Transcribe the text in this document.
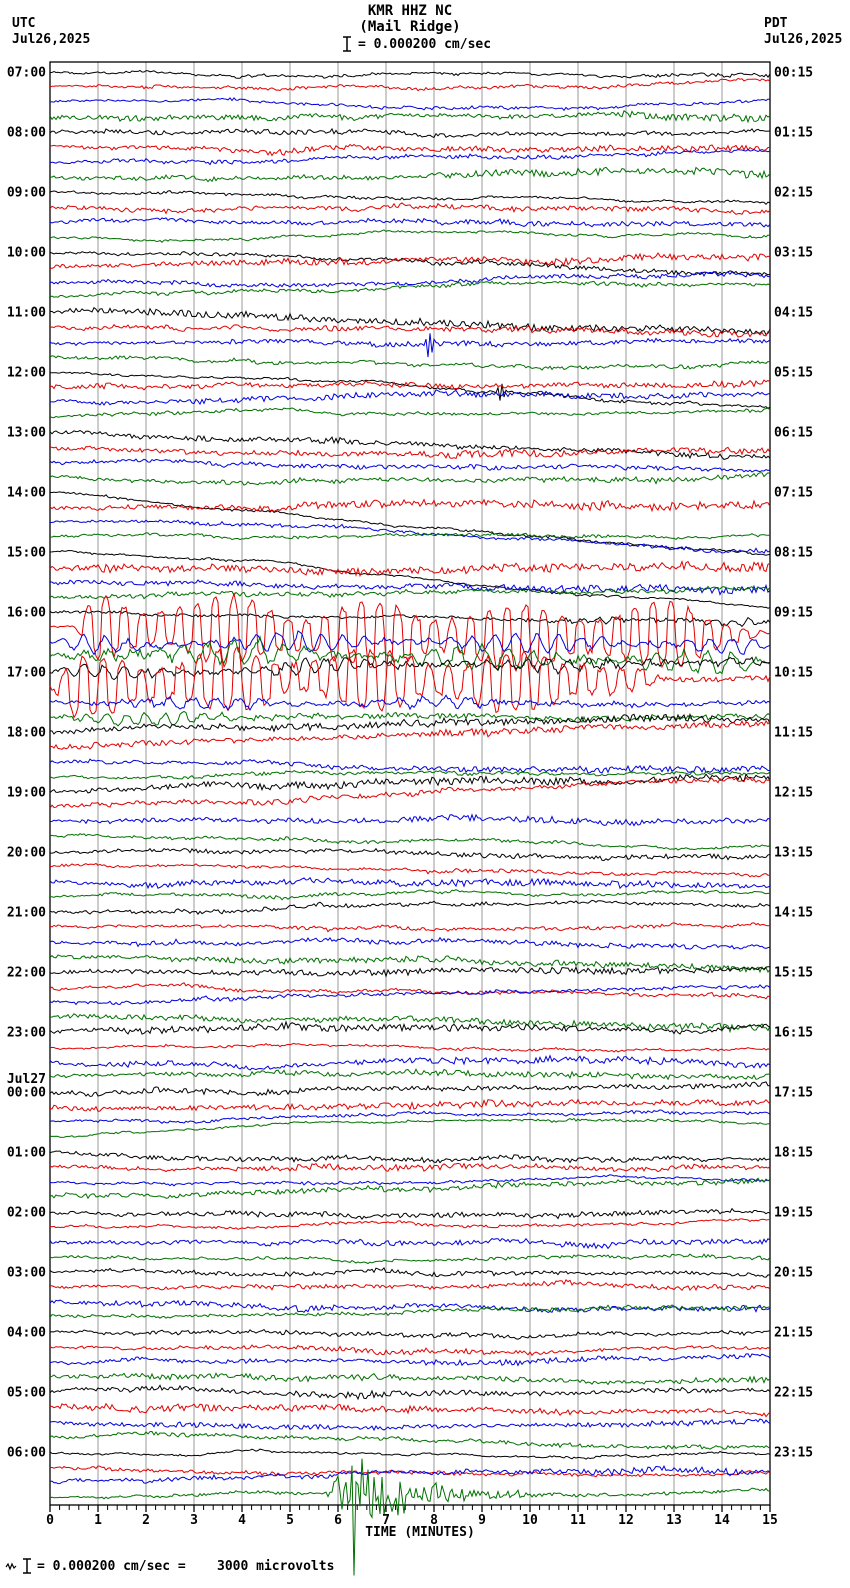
0	1	2	3	4	5	6	7	8	9	10 11 12 13 14 15
TIME (MINUTES)
07:00
08:00
09:00
10:00
11:00
12:00
13:00
14:00
15:00
16:00
17:00
18:00
19:00
20:00
21:00
22:00
23:00
00:00
Jul27
01:00
02:00
03:00
04:00
05:00
06:00
00:15
01:15
02:15
03:15
04:15
05:15
06:15
07:15
08:15
09:15
10:15
11:15
12:15
13:15
14:15
15:15
16:15
17:15
18:15
19:15
20:15
21:15
22:15
23:15
KMR HHZ NC
(Mail Ridge)
UTC
Jul26,2025
PDT
Jul26,2025
= 0.000200 cm/sec
= 0.000200 cm/sec =    3000 microvolts
